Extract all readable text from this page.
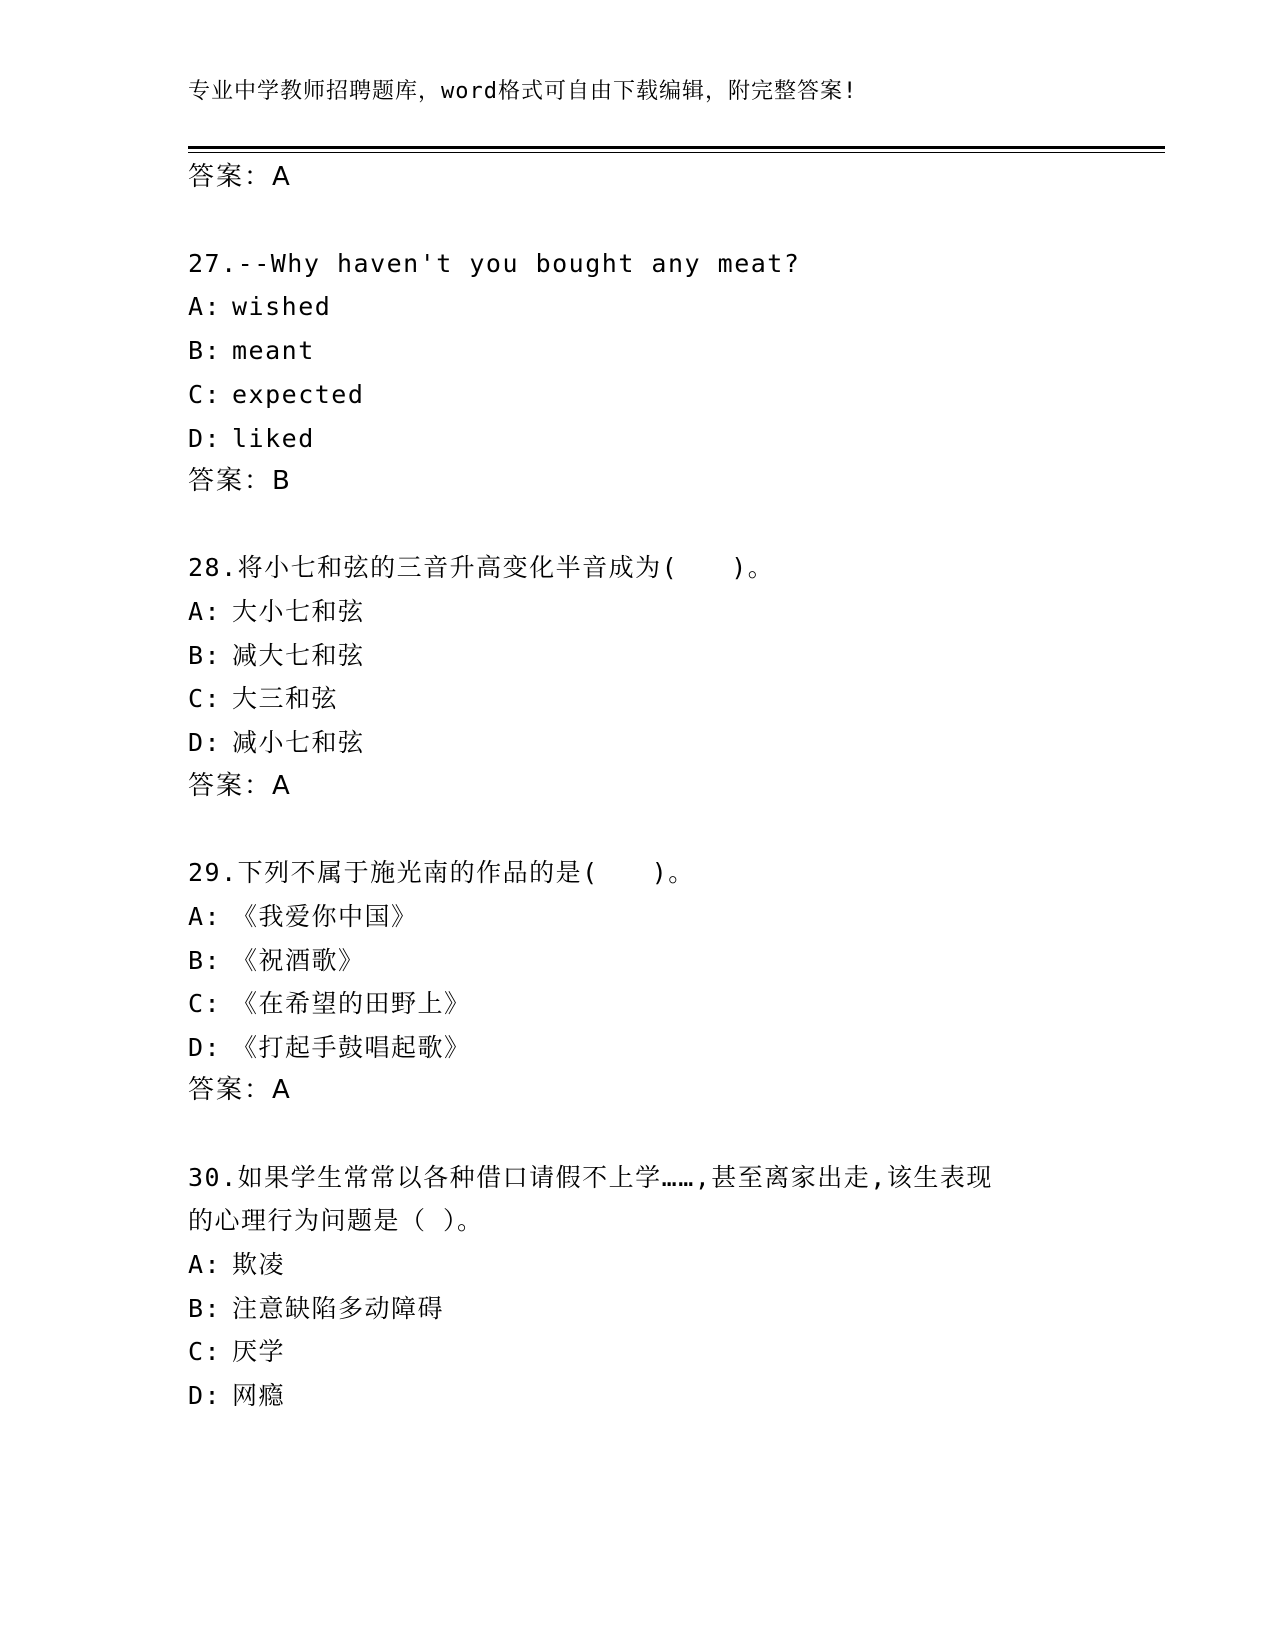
专业中学教师招聘题库，word格式可自由下载编辑，附完整答案!
答案：A
27.--Why haven't you bought any meat?
A: wished
B: meant
C: expected
D: liked
答案：B
28.将小七和弦的三音升高变化半音成为(　　)。
A: 大小七和弦
B: 减大七和弦
C: 大三和弦
D: 减小七和弦
答案：A
29.下列不属于施光南的作品的是(　　)。
A: 《我爱你中国》
B: 《祝酒歌》
C: 《在希望的田野上》
D: 《打起手鼓唱起歌》
答案：A
30.如果学生常常以各种借口请假不上学……,甚至离家出走,该生表现
的心理行为问题是（ ）。
A: 欺凌
B: 注意缺陷多动障碍
C: 厌学
D: 网瘾
